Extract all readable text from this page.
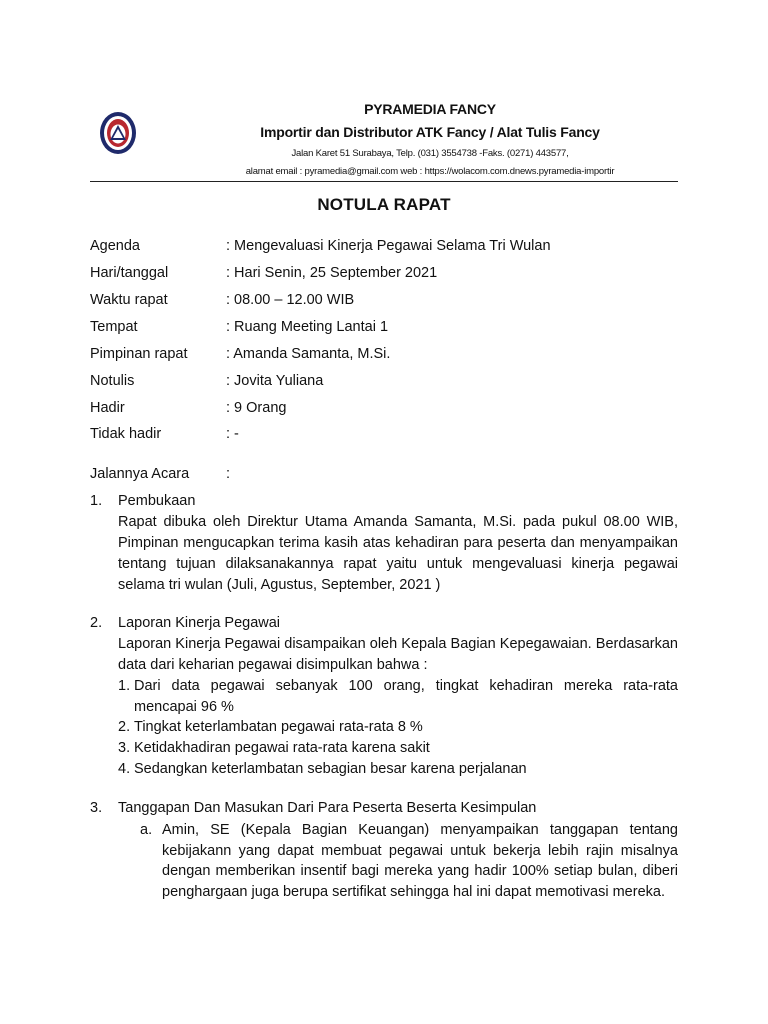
PYRAMEDIA FANCY
Importir dan Distributor ATK Fancy / Alat Tulis Fancy
Jalan Karet 51 Surabaya, Telp. (031) 3554738 -Faks. (0271) 443577,
alamat email : pyramedia@gmail.com web : https://wolacom.com.dnews.pyramedia-importir
NOTULA RAPAT
Agenda	: Mengevaluasi Kinerja Pegawai Selama Tri Wulan
Hari/tanggal	: Hari Senin, 25 September 2021
Waktu rapat	: 08.00 – 12.00 WIB
Tempat	: Ruang Meeting Lantai 1
Pimpinan rapat	: Amanda Samanta, M.Si.
Notulis	: Jovita Yuliana
Hadir	: 9 Orang
Tidak hadir	: -
Jalannya Acara	:
1. Pembukaan

Rapat dibuka oleh Direktur Utama Amanda Samanta, M.Si. pada pukul 08.00 WIB, Pimpinan mengucapkan terima kasih atas kehadiran para peserta dan menyampaikan tentang tujuan dilaksanakannya rapat yaitu untuk mengevaluasi kinerja pegawai selama tri wulan (Juli, Agustus, September, 2021 )

2. Laporan Kinerja Pegawai

Laporan Kinerja Pegawai disampaikan oleh Kepala Bagian Kepegawaian. Berdasarkan data dari keharian pegawai disimpulkan bahwa :

1. Dari data pegawai sebanyak 100 orang, tingkat kehadiran mereka rata-rata mencapai 96 %
2. Tingkat keterlambatan pegawai rata-rata 8 %
3. Ketidakhadiran pegawai rata-rata karena sakit
4. Sedangkan keterlambatan sebagian besar karena perjalanan
3. Tanggapan Dan Masukan Dari Para Peserta Beserta Kesimpulan
a. Amin, SE (Kepala Bagian Keuangan) menyampaikan tanggapan tentang kebijakann yang dapat membuat pegawai untuk bekerja lebih rajin misalnya dengan memberikan insentif bagi mereka yang hadir 100% setiap bulan, diberi penghargaan juga berupa sertifikat sehingga hal ini dapat memotivasi mereka.
